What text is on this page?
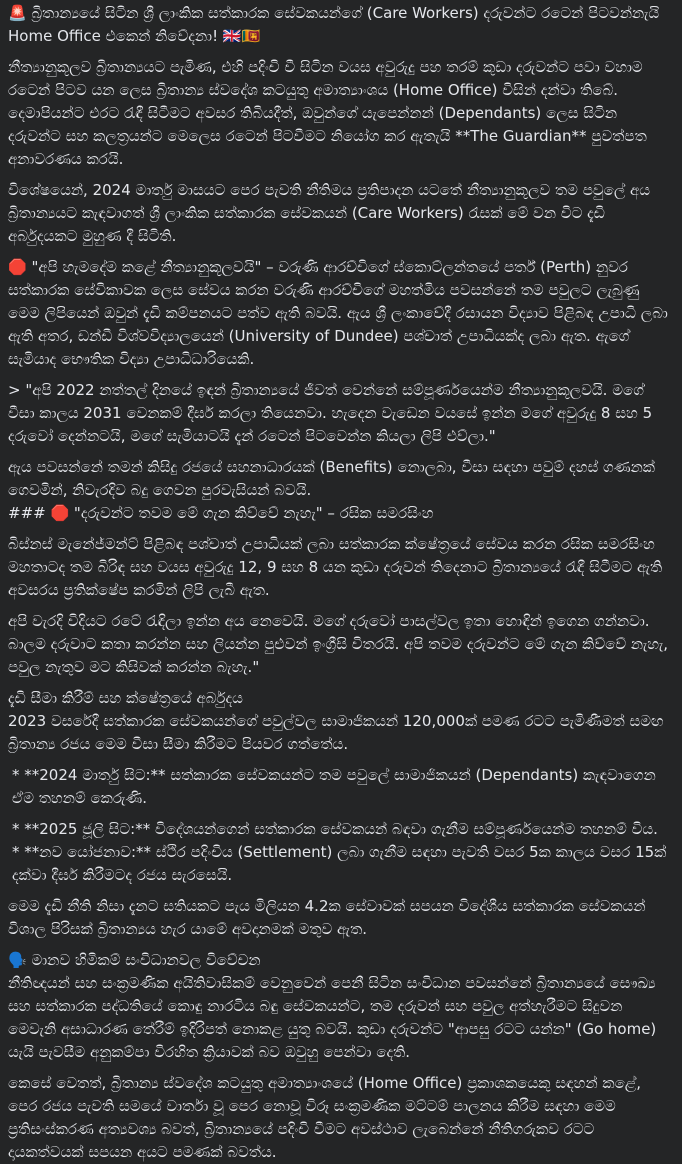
🚨 බ්‍රිතාන්‍යයේ සිටින ශ්‍රී ලාංකික සත්කාරක සේවකයන්ගේ (Care Workers) දරුවන්ට රටෙන් පිටවන්නැයි Home Office එකෙන් නිවේදනා! 🇬🇧🇱🇰

නීත්‍යානුකූලව බ්‍රිතාන්‍යයට පැමිණ, එහි පදිංචි වී සිටින වයස අවුරුදු පහ තරම් කුඩා දරුවන්ට පවා වහාම රටෙන් පිටව යන ලෙස බ්‍රිතාන්‍ය ස්වදේශ කටයුතු අමාත්‍යාංශය (Home Office) විසින් දන්වා තිබේ. දෙමාපියන්ට එරට රැඳී සිටීමට අවසර තිබියදීත්, ඔවුන්ගේ යැපෙන්නන් (Dependants) ලෙස සිටින දරුවන්ට සහ කලත්‍රයන්ට මෙලෙස රටෙන් පිටවීමට නියෝග කර ඇතැයි **The Guardian** පුවත්පත අනාවරණය කරයි.

විශේෂයෙන්, 2024 මාර්තු මාසයට පෙර පැවති නීතිමය ප්‍රතිපාදන යටතේ නීත්‍යානුකූලව තම පවුලේ අය බ්‍රිතාන්‍යයට කැඳවාගත් ශ්‍රී ලාංකික සත්කාරක සේවකයන් (Care Workers) රැසක් මේ වන විට දැඩි අර්බුදයකට මුහුණ දී සිටිති.

🛑 "අපි හැමදේම කළේ නීත්‍යානුකූලවයි" – වරුණි ආරච්චිගේ ස්කොට්ලන්තයේ පර්ත් (Perth) නුවර සත්කාරක සේවිකාවක ලෙස සේවය කරන වරුණි ආරච්චිගේ මහත්මිය පවසන්නේ තම පවුලට ලැබුණු මෙම ලිපියෙන් ඔවුන් දැඩි කම්පනයට පත්ව ඇති බවයි. ඇය ශ්‍රී ලංකාවේදී රසායන විද්‍යාව පිළිබඳ උපාධි ලබා ඇති අතර, ඩන්ඩී විශ්වවිද්‍යාලයෙන් (University of Dundee) පශ්චාත් උපාධියක්ද ලබා ඇත. ඇගේ සැමියාද භෞතික විද්‍යා උපාධිධාරියෙකි.

> "අපි 2022 නත්තල් දිනයේ ඉඳන් බ්‍රිතාන්‍යයේ ජීවත් වෙන්නේ සම්පූර්ණයෙන්ම නීත්‍යානුකූලවයි. මගේ වීසා කාලය 2031 වෙනකම් දීර්ඝ කරලා තියෙනවා. හැදෙන වැඩෙන වයසේ ඉන්න මගේ අවුරුදු 8 සහ 5 දරුවෝ දෙන්නටයි, මගේ සැමියාටයි දැන් රටෙන් පිටවෙන්න කියලා ලිපි එව්ලා."

ඇය පවසන්නේ තමන් කිසිදු රජයේ සහනාධාරයක් (Benefits) නොලබා, වීසා සඳහා පවුම් දහස් ගණනක් ගෙවමින්, නිවැරදිව බදු ගෙවන පුරවැසියන් බවයි.
### 🛑 "දරුවන්ට තවම මේ ගැන කිව්වේ නැහැ" – රසික සමරසිංහ

බිස්නස් මැනේජ්මන්ට් පිළිබඳ පශ්චාත් උපාධියක් ලබා සත්කාරක ක්ෂේත්‍රයේ සේවය කරන රසික සමරසිංහ මහතාටද තම බිරිඳ සහ වයස අවුරුදු 12, 9 සහ 8 යන කුඩා දරුවන් තිදෙනාට බ්‍රිතාන්‍යයේ රැඳී සිටීමට ඇති අවසරය ප්‍රතික්ෂේප කරමින් ලිපි ලැබී ඇත.

අපි වැරදි විදියට රටේ රැඳිලා ඉන්න අය නෙවෙයි. මගේ දරුවෝ පාසල්වල ඉතා හොඳින් ඉගෙන ගන්නවා. බාලම දරුවාට කතා කරන්න සහ ලියන්න පුළුවන් ඉංග්‍රීසි විතරයි. අපි තවම දරුවන්ට මේ ගැන කිව්වේ නැහැ, පවුල නැතුව මට කිසිවක් කරන්න බැහැ."

දැඩි සීමා කිරීම් සහ ක්ෂේත්‍රයේ අර්බුදය
2023 වසරේදී සත්කාරක සේවකයන්ගේ පවුල්වල සාමාජිකයන් 120,000ක් පමණ රටට පැමිණීමත් සමඟ බ්‍රිතාන්‍ය රජය මෙම වීසා සීමා කිරීමට පියවර ගත්තේය.

* **2024 මාර්තු සිට:** සත්කාරක සේවකයන්ට තම පවුලේ සාමාජිකයන් (Dependants) කැඳවාගෙන ඒම තහනම් කෙරුණි.

* **2025 ජූලි සිට:** විදේශයන්ගෙන් සත්කාරක සේවකයන් බඳවා ගැනීම සම්පූර්ණයෙන්ම තහනම් විය.
* **නව යෝජනාව:** ස්ථිර පදිංචිය (Settlement) ලබා ගැනීම සඳහා පැවති වසර 5ක කාලය වසර 15ක් දක්වා දීර්ඝ කිරීමටද රජය සැරසෙයි.

මෙම දැඩි නීති නිසා දැනට සතියකට පැය මිලියන 4.2ක සේවාවක් සපයන විදේශීය සත්කාරක සේවකයන් විශාල පිරිසක් බ්‍රිතාන්‍යය හැර යාමේ අවදානමක් මතුව ඇත.

🗣️ මානව හිමිකම් සංවිධානවල විවේචන
නීතිඥයන් සහ සංක්‍රමණික අයිතිවාසිකම් වෙනුවෙන් පෙනී සිටින සංවිධාන පවසන්නේ බ්‍රිතාන්‍යයේ සෞඛ්‍ය සහ සත්කාරක පද්ධතියේ කොඳු නාරටිය බඳු සේවකයන්ට, තම දරුවන් සහ පවුල අත්හැරීමට සිදුවන මෙවැනි අසාධාරණ තේරීම් ඉදිරිපත් නොකළ යුතු බවයි. කුඩා දරුවන්ට "ආපසු රටට යන්න" (Go home) යැයි පැවසීම අනුකම්පා විරහිත ක්‍රියාවක් බව ඔවුහු පෙන්වා දෙති.

කෙසේ වෙතත්, බ්‍රිතාන්‍ය ස්වදේශ කටයුතු අමාත්‍යාංශයේ (Home Office) ප්‍රකාශකයෙකු සඳහන් කළේ, පෙර රජය පැවති සමයේ වාර්තා වූ පෙර නොවූ විරූ සංක්‍රමණික මට්ටම් පාලනය කිරීම සඳහා මෙම ප්‍රතිසංස්කරණ අත්‍යවශ්‍ය බවත්, බ්‍රිතාන්‍යයේ පදිංචි වීමට අවස්ථාව ලැබෙන්නේ නීතිගරුකව රටට දායකත්වයක් සපයන අයට පමණක් බවත්ය.
